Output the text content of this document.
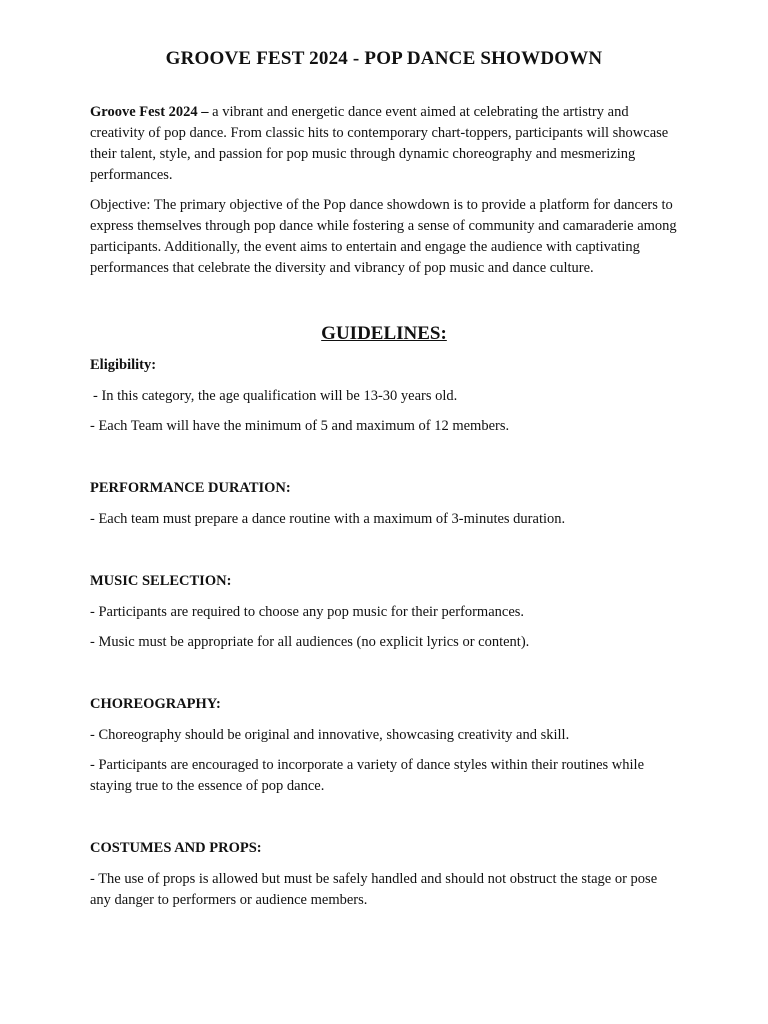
GROOVE FEST 2024 - POP DANCE SHOWDOWN

Groove Fest 2024 – a vibrant and energetic dance event aimed at celebrating the artistry and creativity of pop dance. From classic hits to contemporary chart-toppers, participants will showcase their talent, style, and passion for pop music through dynamic choreography and mesmerizing performances.

Objective: The primary objective of the Pop dance showdown is to provide a platform for dancers to express themselves through pop dance while fostering a sense of community and camaraderie among participants. Additionally, the event aims to entertain and engage the audience with captivating performances that celebrate the diversity and vibrancy of pop music and dance culture.

GUIDELINES:
Eligibility:

- In this category, the age qualification will be 13-30 years old.

- Each Team will have the minimum of 5 and maximum of 12 members.

PERFORMANCE DURATION:

- Each team must prepare a dance routine with a maximum of 3-minutes duration.

MUSIC SELECTION:

- Participants are required to choose any pop music for their performances.

- Music must be appropriate for all audiences (no explicit lyrics or content).

CHOREOGRAPHY:

- Choreography should be original and innovative, showcasing creativity and skill.

- Participants are encouraged to incorporate a variety of dance styles within their routines while staying true to the essence of pop dance.

COSTUMES AND PROPS:

- The use of props is allowed but must be safely handled and should not obstruct the stage or pose any danger to performers or audience members.
